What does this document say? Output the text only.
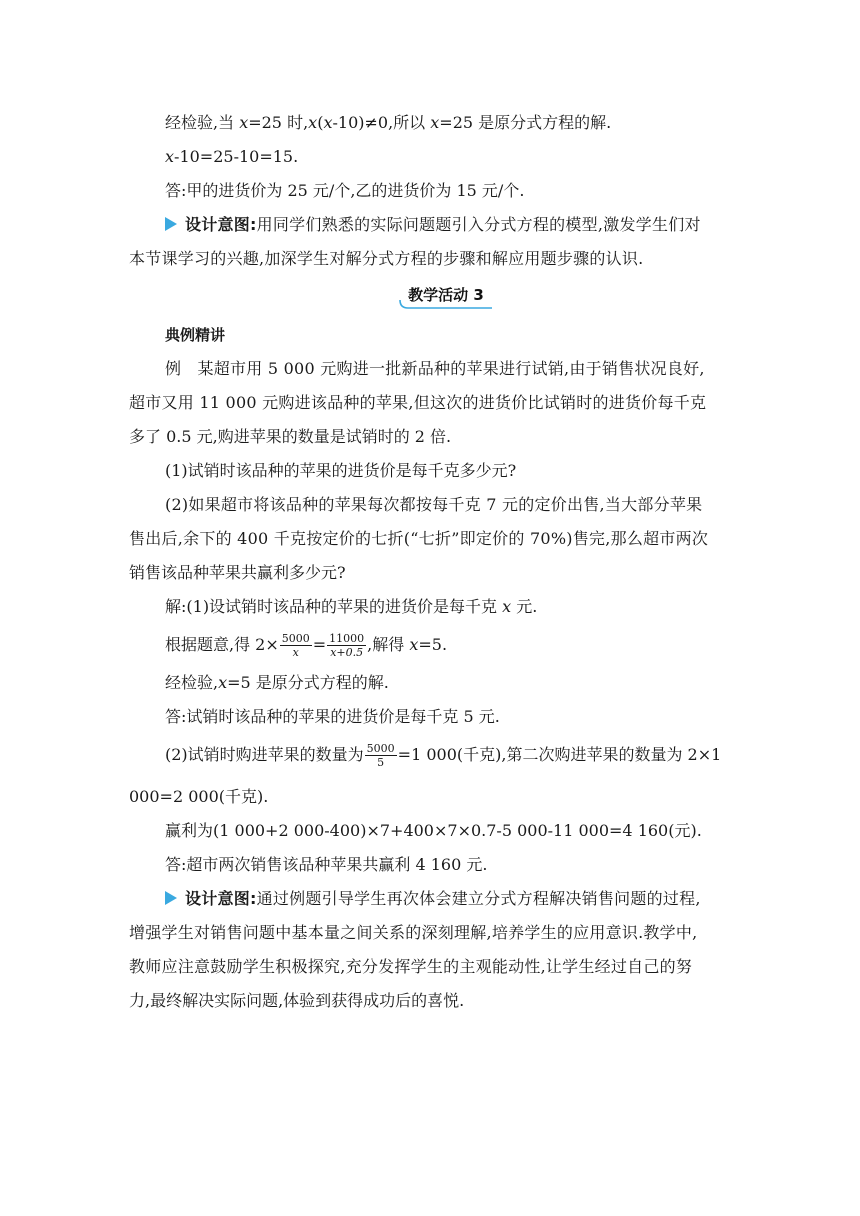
经检验,当 x=25 时,x(x-10)≠0,所以 x=25 是原分式方程的解.
x-10=25-10=15.
答:甲的进货价为 25 元/个,乙的进货价为 15 元/个.
设计意图:用同学们熟悉的实际问题题引入分式方程的模型,激发学生们对
本节课学习的兴趣,加深学生对解分式方程的步骤和解应用题步骤的认识.
教学活动 3
典例精讲
例　某超市用 5 000 元购进一批新品种的苹果进行试销,由于销售状况良好,
超市又用 11 000 元购进该品种的苹果,但这次的进货价比试销时的进货价每千克
多了 0.5 元,购进苹果的数量是试销时的 2 倍.
(1)试销时该品种的苹果的进货价是每千克多少元?
(2)如果超市将该品种的苹果每次都按每千克 7 元的定价出售,当大部分苹果
售出后,余下的 400 千克按定价的七折(“七折”即定价的 70%)售完,那么超市两次
销售该品种苹果共赢利多少元?
解:(1)设试销时该品种的苹果的进货价是每千克 x 元.
根据题意,得 $2\times \frac{5000}{x} = \frac{11000}{x+0.5}$ ,解得 x=5.
经检验,x=5 是原分式方程的解.
答:试销时该品种的苹果的进货价是每千克 5 元.
(2)试销时购进苹果的数量为 $\frac{5000}{5} =1$ 000(千克),第二次购进苹果的数量为 2×1
000=2 000(千克).
赢利为(1 000+2 000-400)×7+400×7×0.7-5 000-11 000=4 160(元).
答:超市两次销售该品种苹果共赢利 4 160 元.
设计意图:通过例题引导学生再次体会建立分式方程解决销售问题的过程,
增强学生对销售问题中基本量之间关系的深刻理解,培养学生的应用意识.教学中,
教师应注意鼓励学生积极探究,充分发挥学生的主观能动性,让学生经过自己的努
力,最终解决实际问题,体验到获得成功后的喜悦.
